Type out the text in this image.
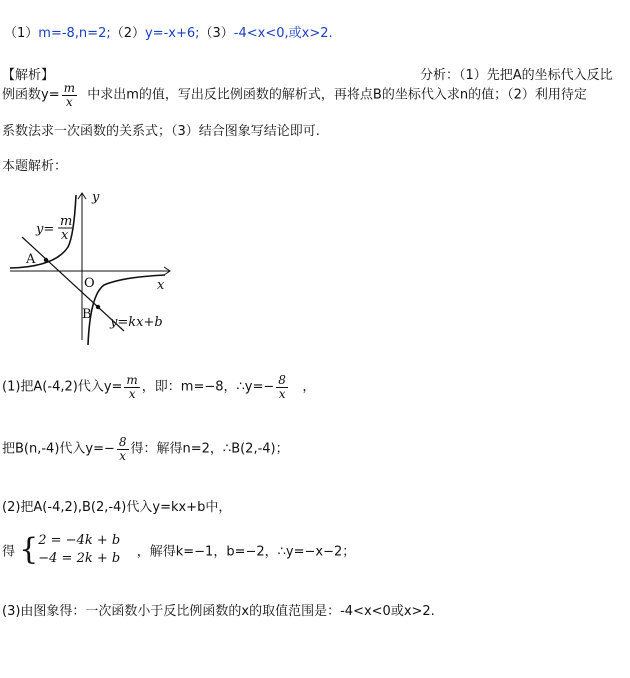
（1）m=-8,n=2;（2）y=-x+6;（3）-4<x<0,或x>2.
【解析】	分析：（1）先把A的坐标代入反比
例函数$y= \frac{m}{x}$ 中求出m的值，写出反比例函数的解析式，再将点B的坐标代入求n的值；（2）利用待定
系数法求一次函数的关系式；（3）结合图象写结论即可.
本题解析：
y
x
O
A
B
y=kx+b
y=
m
x
(1)把A(-4,2)代入$y= \frac{m}{x}$ ，即：m=−8，∴y=− $\frac{8}{x}$ ，
把B(n,-4)代入$y=- \frac{8}{x}$ 得：解得n=2，∴B(2,-4)；
(2)把A(-4,2),B(2,-4)代入y=kx+b中，
得 { 2 = −4k + b
−4 = 2k + b ，解得k=−1，b=−2，∴y=−x−2；
(3)由图象得：一次函数小于反比例函数的x的取值范围是：-4<x<0或x>2.
